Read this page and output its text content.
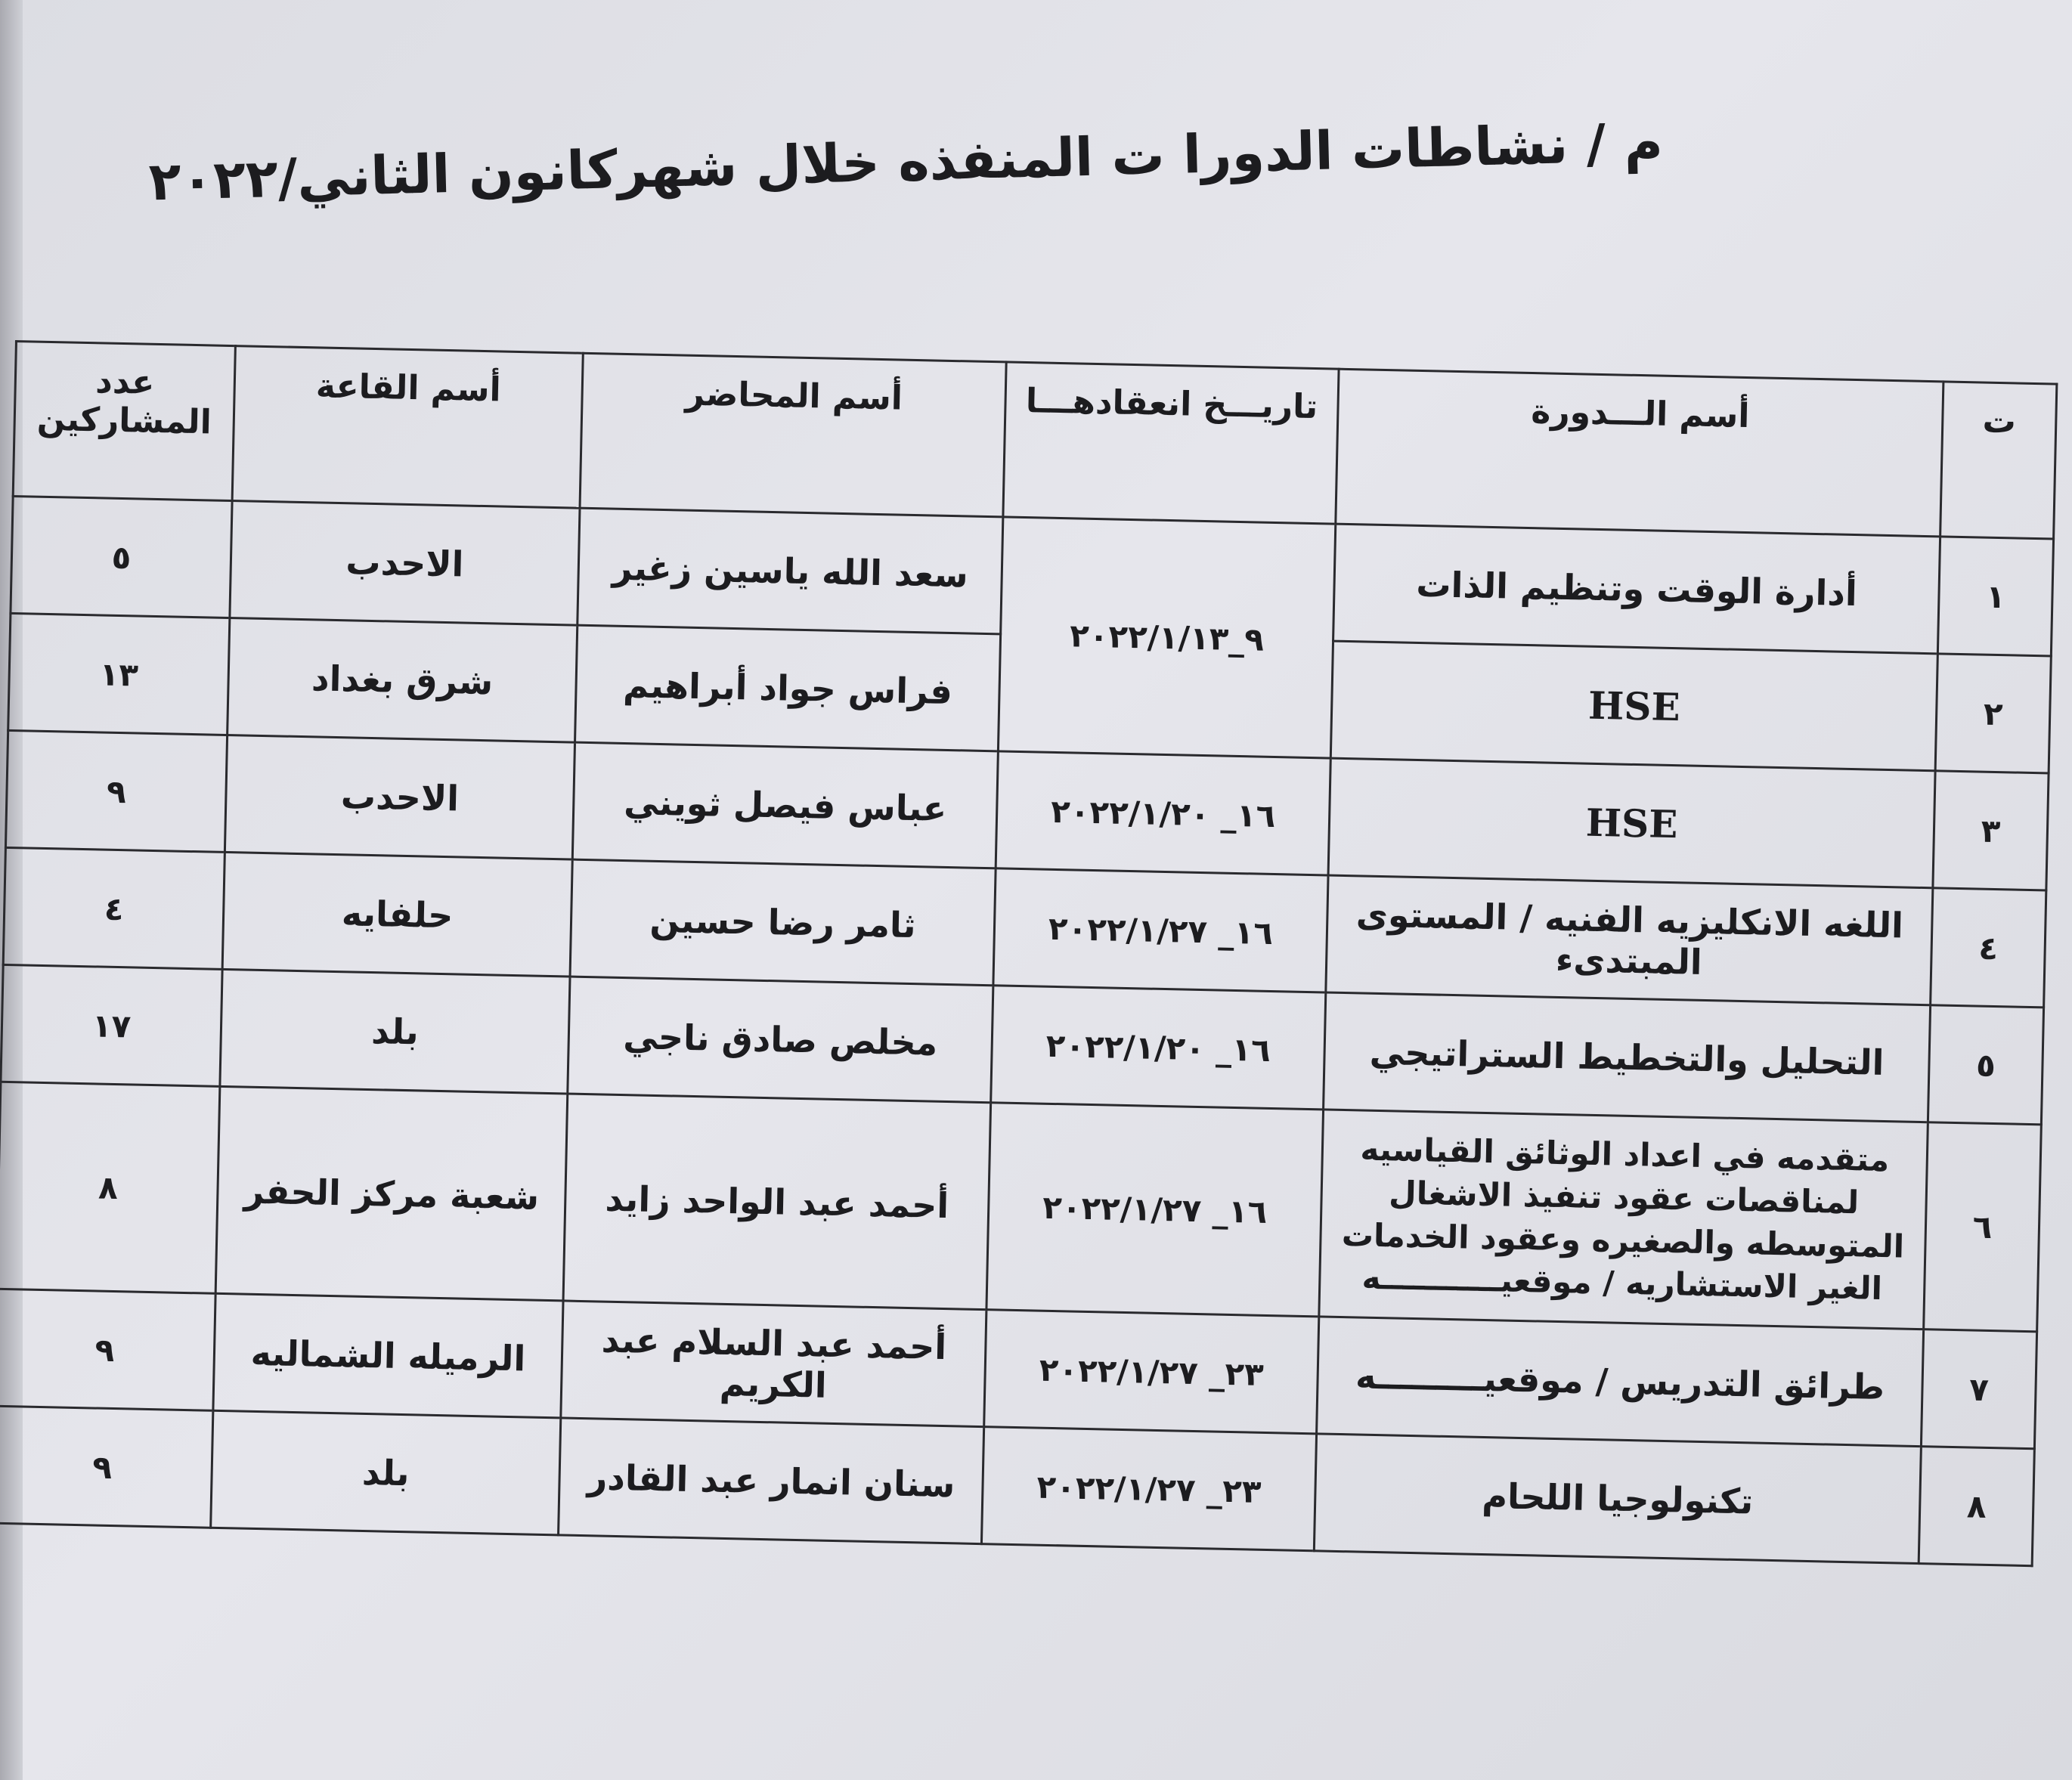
م / نشاطات الدورا ت المنفذه خلال شهركانون الثاني/٢٠٢٢
ت	أسم الـــدورة	تاريـــخ انعقادهـــا	أسم المحاضر	أسم القاعة	عدد المشاركين
١	أدارة الوقت وتنظيم الذات	٩_٢٠٢٢/١/١٣	سعد الله ياسين زغير	الاحدب	٥
٢	HSE		فراس جواد أبراهيم	شرق بغداد	١٣
٣	HSE	١٦_ ٢٠٢٢/١/٢٠	عباس فيصل ثويني	الاحدب	٩
٤	اللغه الانكليزيه الفنيه / المستوى المبتدىء	١٦_ ٢٠٢٢/١/٢٧	ثامر رضا حسين	حلفايه	٤
٥	التحليل والتخطيط الستراتيجي	١٦_ ٢٠٢٢/١/٢٠	مخلص صادق ناجي	بلد	١٧
٦	متقدمه في اعداد الوثائق القياسيه لمناقصات عقود تنفيذ الاشغال المتوسطه والصغيره وعقود الخدمات الغير الاستشاريه / موقعيـــــــــــه	١٦_ ٢٠٢٢/١/٢٧	أحمد عبد الواحد زايد	شعبة مركز الحفر	٨
٧	طرائق التدريس / موقعيـــــــــه	٢٣_ ٢٠٢٢/١/٢٧	أحمد عبد السلام عبد الكريم	الرميله الشماليه	٩
٨	تكنولوجيا اللحام	٢٣_ ٢٠٢٢/١/٢٧	سنان انمار عبد القادر	بلد	٩
